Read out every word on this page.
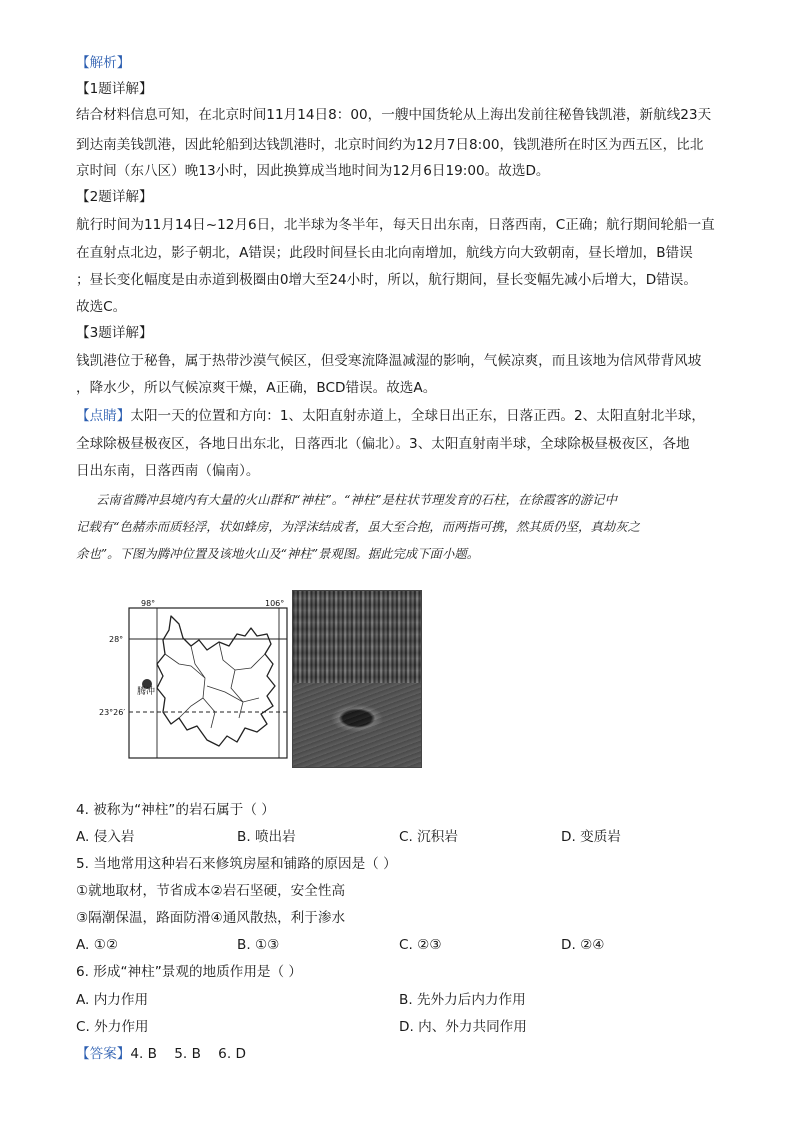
【解析】
【1题详解】
结合材料信息可知，在北京时间11月14日8：00，一艘中国货轮从上海出发前往秘鲁钱凯港，新航线23天
到达南美钱凯港，因此轮船到达钱凯港时，北京时间约为12月7日8:00，钱凯港所在时区为西五区，比北
京时间（东八区）晚13小时，因此换算成当地时间为12月6日19:00。故选D。
【2题详解】
航行时间为11月14日~12月6日，北半球为冬半年，每天日出东南，日落西南，C正确；航行期间轮船一直
在直射点北边，影子朝北，A错误；此段时间昼长由北向南增加，航线方向大致朝南，昼长增加，B错误
；昼长变化幅度是由赤道到极圈由0增大至24小时，所以，航行期间，昼长变幅先减小后增大，D错误。
故选C。
【3题详解】
钱凯港位于秘鲁，属于热带沙漠气候区，但受寒流降温减湿的影响，气候凉爽，而且该地为信风带背风坡
，降水少，所以气候凉爽干燥，A正确，BCD错误。故选A。
【点睛】太阳一天的位置和方向：1、太阳直射赤道上，全球日出正东，日落正西。2、太阳直射北半球，
全球除极昼极夜区，各地日出东北，日落西北（偏北）。3、太阳直射南半球，全球除极昼极夜区，各地
日出东南，日落西南（偏南）。
云南省腾冲县境内有大量的火山群和“神柱”。“神柱”是柱状节理发育的石柱，在徐霞客的游记中
记载有“色赭赤而质轻浮，状如蜂房，为浮沫结成者，虽大至合抱，而两指可携，然其质仍坚，真劫灰之
余也”。下图为腾冲位置及该地火山及“神柱”景观图。据此完成下面小题。
98°	106°
28°
23°26′
腾冲
4. 被称为“神柱”的岩石属于（ ）
A. 侵入岩	B. 喷出岩	C. 沉积岩	D. 变质岩
5. 当地常用这种岩石来修筑房屋和铺路的原因是（ ）
①就地取材，节省成本②岩石坚硬，安全性高
③隔潮保温，路面防滑④通风散热，利于渗水
A. ①②	B. ①③	C. ②③	D. ②④
6. 形成“神柱”景观的地质作用是（ ）
A. 内力作用	B. 先外力后内力作用
C. 外力作用	D. 内、外力共同作用
【答案】4. B    5. B    6. D
